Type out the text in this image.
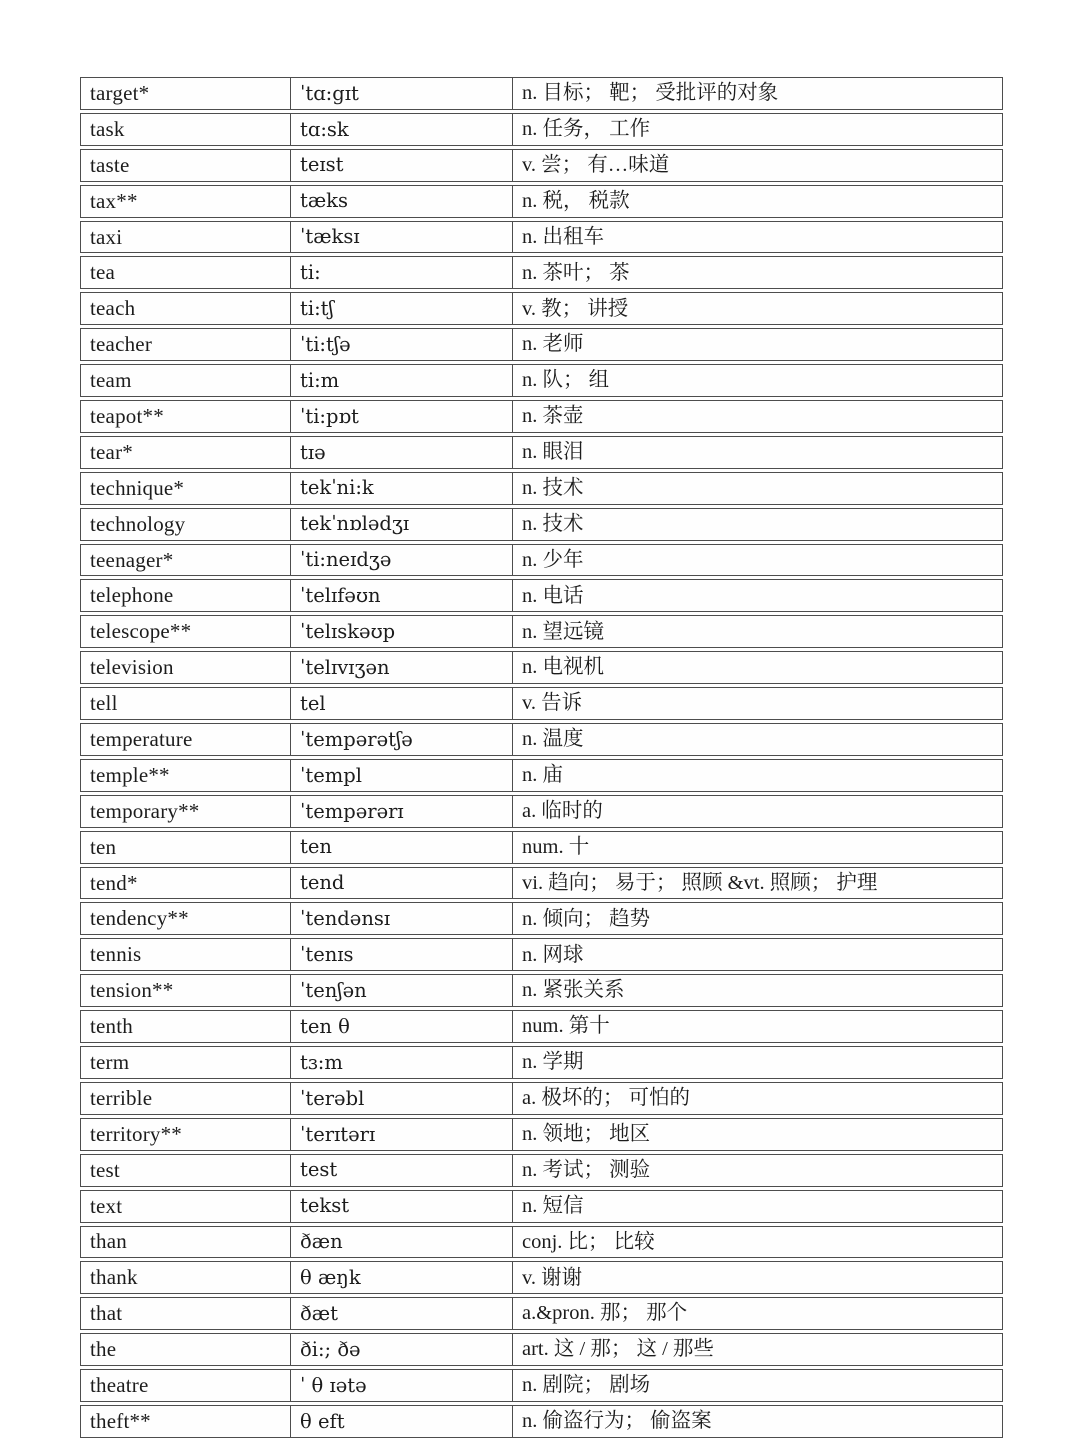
target*	ˈtɑ:gɪt	n. 目标； 靶； 受批评的对象
task	tɑ:sk	n. 任务， 工作
taste	teɪst	v. 尝； 有…味道
tax**	tæks	n. 税， 税款
taxi	ˈtæksɪ	n. 出租车
tea	ti:	n. 茶叶； 茶
teach	ti:tʃ	v. 教； 讲授
teacher	ˈti:tʃə	n. 老师
team	ti:m	n. 队； 组
teapot**	ˈti:pɒt	n. 茶壶
tear*	tɪə	n. 眼泪
technique*	tekˈni:k	n. 技术
technology	tekˈnɒlədʒɪ	n. 技术
teenager*	ˈti:neɪdʒə	n. 少年
telephone	ˈtelɪfəʊn	n. 电话
telescope**	ˈtelɪskəʊp	n. 望远镜
television	ˈtelɪvɪʒən	n. 电视机
tell	tel	v. 告诉
temperature	ˈtempərətʃə	n. 温度
temple**	ˈtempl	n. 庙
temporary**	ˈtempərərɪ	a. 临时的
ten	ten	num. 十
tend*	tend	vi. 趋向； 易于； 照顾 &vt. 照顾； 护理
tendency**	ˈtendənsɪ	n. 倾向； 趋势
tennis	ˈtenɪs	n. 网球
tension**	ˈtenʃən	n. 紧张关系
tenth	ten θ	num. 第十
term	tɜ:m	n. 学期
terrible	ˈterəbl	a. 极坏的； 可怕的
territory**	ˈterɪtərɪ	n. 领地； 地区
test	test	n. 考试； 测验
text	tekst	n. 短信
than	ðæn	conj. 比； 比较
thank	θ æŋk	v. 谢谢
that	ðæt	a.&pron. 那； 那个
the	ði:; ðə	art. 这 / 那； 这 / 那些
theatre	ˈ θ ɪətə	n. 剧院； 剧场
theft**	θ eft	n. 偷盗行为； 偷盗案
